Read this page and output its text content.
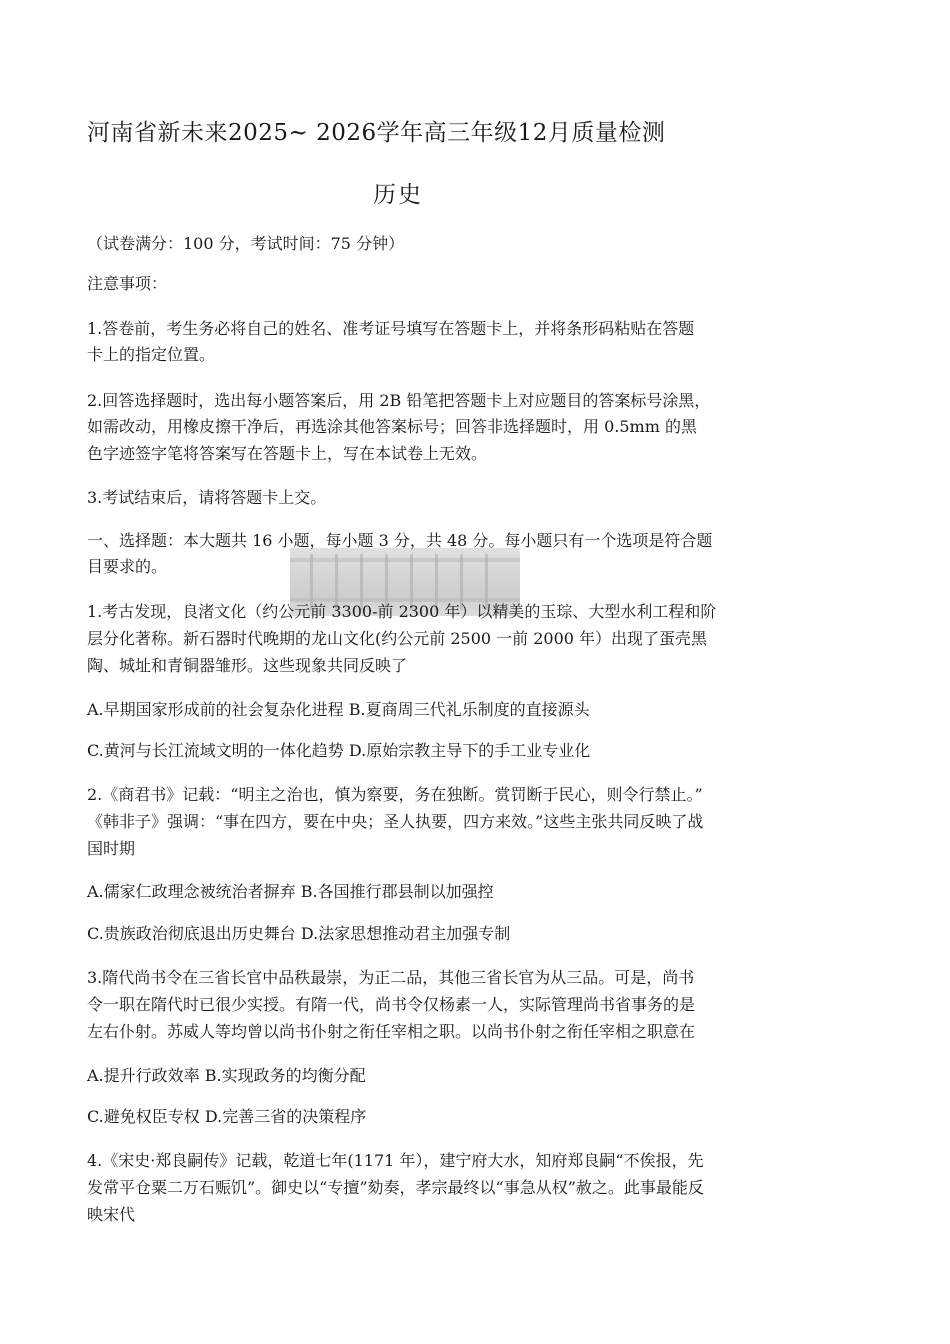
河南省新未来2025~ 2026学年高三年级12月质量检测
历史
（试卷满分：100 分，考试时间：75 分钟）
注意事项：
1.答卷前，考生务必将自己的姓名、准考证号填写在答题卡上，并将条形码粘贴在答题
卡上的指定位置。
2.回答选择题时，选出每小题答案后，用 2B 铅笔把答题卡上对应题目的答案标号涂黑，
如需改动，用橡皮擦干净后，再选涂其他答案标号；回答非选择题时，用 0.5mm 的黑
色字迹签字笔将答案写在答题卡上，写在本试卷上无效。
3.考试结束后，请将答题卡上交。
一、选择题：本大题共 16 小题，每小题 3 分，共 48 分。每小题只有一个选项是符合题
目要求的。
1.考古发现，良渚文化（约公元前 3300-前 2300 年）以精美的玉琮、大型水利工程和阶
层分化著称。新石器时代晚期的龙山文化(约公元前 2500 一前 2000 年）出现了蛋壳黑
陶、城址和青铜器雏形。这些现象共同反映了
A.早期国家形成前的社会复杂化进程 B.夏商周三代礼乐制度的直接源头
C.黄河与长江流域文明的一体化趋势 D.原始宗教主导下的手工业专业化
2.《商君书》记载：“明主之治也，慎为察要，务在独断。赏罚断于民心，则令行禁止。”
《韩非子》强调：“事在四方，要在中央；圣人执要，四方来效。”这些主张共同反映了战
国时期
A.儒家仁政理念被统治者摒弃 B.各国推行郡县制以加强控
C.贵族政治彻底退出历史舞台 D.法家思想推动君主加强专制
3.隋代尚书令在三省长官中品秩最崇，为正二品，其他三省长官为从三品。可是，尚书
令一职在隋代时已很少实授。有隋一代，尚书令仅杨素一人，实际管理尚书省事务的是
左右仆射。苏威人等均曾以尚书仆射之衔任宰相之职。以尚书仆射之衔任宰相之职意在
A.提升行政效率 B.实现政务的均衡分配
C.避免权臣专权 D.完善三省的决策程序
4.《宋史·郑良嗣传》记载，乾道七年(1171 年），建宁府大水，知府郑良嗣“不俟报，先
发常平仓粟二万石赈饥”。御史以“专擅”劾奏，孝宗最终以“事急从权”赦之。此事最能反
映宋代
